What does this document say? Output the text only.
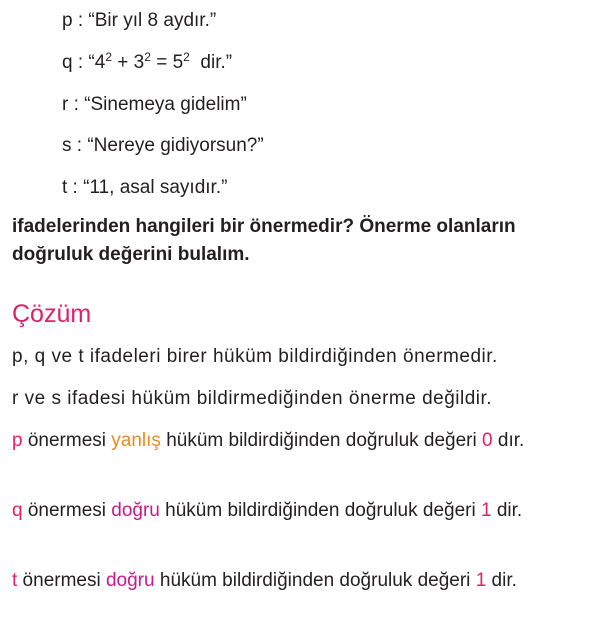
p : “Bir yıl 8 aydır.”
q : “$4^2 + 3^2 = 5^2$  dir.”
r : “Sinemeya gidelim”
s : “Nereye gidiyorsun?”
t : “11, asal sayıdır.”
ifadelerinden hangileri bir önermedir? Önerme olanların doğruluk değerini bulalım.
Çözüm
p, q ve t ifadeleri birer hüküm bildirdiğinden önermedir.
r ve s ifadesi hüküm bildirmediğinden önerme değildir.
p önermesi yanlış hüküm bildirdiğinden doğruluk değeri 0 dır.
q önermesi doğru hüküm bildirdiğinden doğruluk değeri 1 dir.
t önermesi doğru hüküm bildirdiğinden doğruluk değeri 1 dir.
